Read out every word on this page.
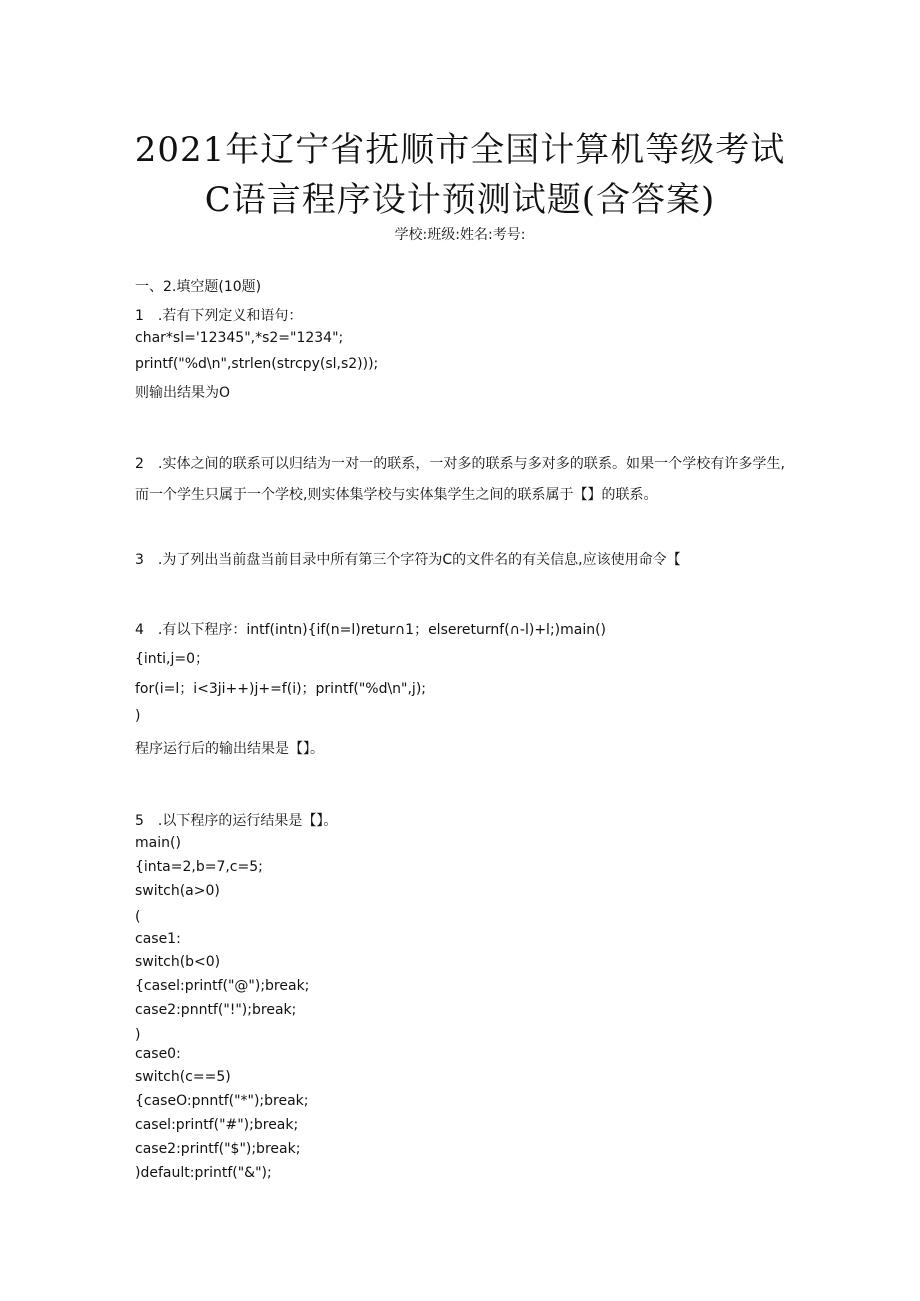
2021年辽宁省抚顺市全国计算机等级考试
C语言程序设计预测试题(含答案)
学校:班级:姓名:考号:
一、2.填空题(10题)
1　.若有下列定义和语句：
char*sl='12345",*s2="1234";
printf("%d\n",strlen(strcpy(sl,s2)));
则输出结果为O
2　.实体之间的联系可以归结为一对一的联系，一对多的联系与多对多的联系。如果一个学校有许多学生,而一个学生只属于一个学校,则实体集学校与实体集学生之间的联系属于【】的联系。
3　.为了列出当前盘当前目录中所有第三个字符为C的文件名的有关信息,应该使用命令【
4　.有以下程序：intf(intn){if(n=l)retur∩1；elsereturnf(∩-l)+l;)main()
{inti,j=0；
for(i=l；i<3ji++)j+=f(i)；printf("%d\n",j);
)
程序运行后的输出结果是【】。
5　.以下程序的运行结果是【】。
main()
{inta=2,b=7,c=5;
switch(a>0)
(
case1:
switch(b<0)
{casel:printf("@");break;
case2:pnntf("!");break;
)
case0:
switch(c==5)
{caseO:pnntf("*");break;
casel:printf("#");break;
case2:printf("$");break;
)default:printf("&");
